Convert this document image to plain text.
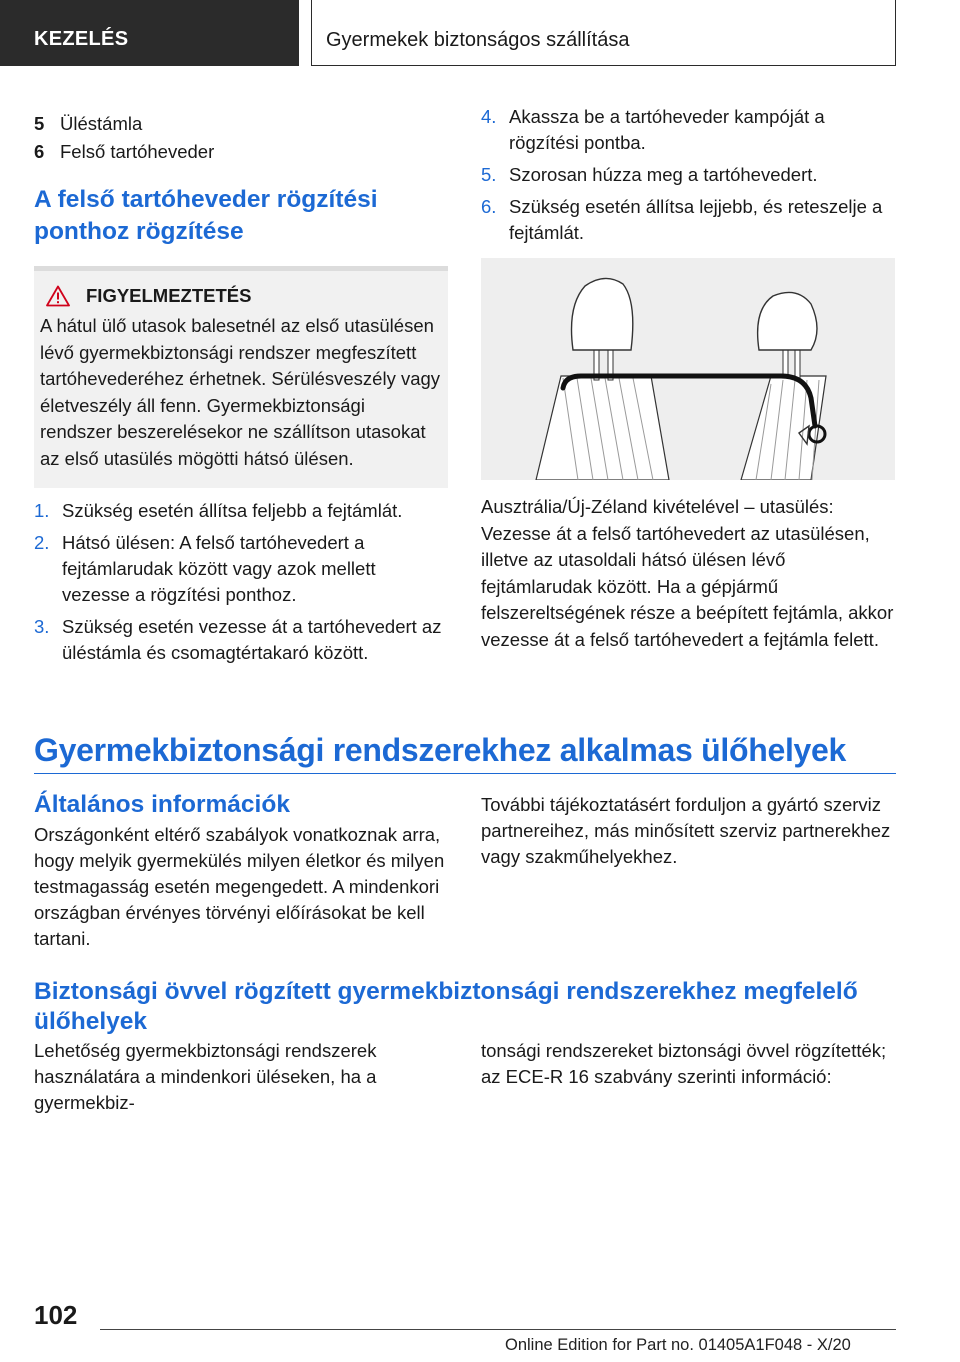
KEZELÉS	Gyermekek biztonságos szállítása
5 Üléstámla
6 Felső tartóheveder
A felső tartóheveder rögzítési ponthoz rögzítése
FIGYELMEZTETÉS

A hátul ülő utasok balesetnél az első utasülésen lévő gyermekbiztonsági rendszer megfeszített tartóhevederéhez érhetnek. Sérülésveszély vagy életveszély áll fenn. Gyermekbiztonsági rendszer beszerelésekor ne szállítson utasokat az első utasülés mögötti hátsó ülésen.

1. Szükség esetén állítsa feljebb a fejtámlát.
2. Hátsó ülésen: A felső tartóhevedert a fejtámlarudak között vagy azok mellett vezesse a rögzítési ponthoz.
3. Szükség esetén vezesse át a tartóhevedert az üléstámla és csomagtértakaró között.
4. Akassza be a tartóheveder kampóját a rögzítési pontba.
5. Szorosan húzza meg a tartóhevedert.
6. Szükség esetén állítsa lejjebb, és reteszelje a fejtámlát.

Ausztrália/Új-Zéland kivételével – utasülés: Vezesse át a felső tartóhevedert az utasülésen, illetve az utasoldali hátsó ülésen lévő fejtámlarudak között. Ha a gépjármű felszereltségének része a beépített fejtámla, akkor vezesse át a felső tartóhevedert a fejtámla felett.

Gyermekbiztonsági rendszerekhez alkalmas ülőhelyek
Általános információk

Országonként eltérő szabályok vonatkoznak arra, hogy melyik gyermekülés milyen életkor és milyen testmagasság esetén megengedett. A mindenkori országban érvényes törvényi előírásokat be kell tartani.

További tájékoztatásért forduljon a gyártó szerviz partnereihez, más minősített szerviz partnerekhez vagy szakműhelyekhez.

Biztonsági övvel rögzített gyermekbiztonsági rendszerekhez megfelelő ülőhelyek

Lehetőség gyermekbiztonsági rendszerek használatára a mindenkori üléseken, ha a gyermekbiz-

tonsági rendszereket biztonsági övvel rögzítették; az ECE-R 16 szabvány szerinti információ:

102
Online Edition for Part no. 01405A1F048 - X/20
